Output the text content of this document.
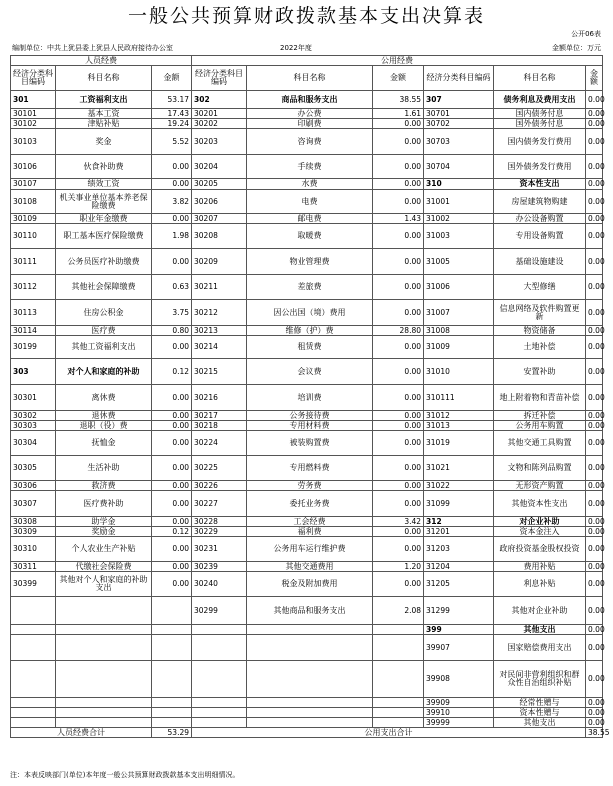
一般公共预算财政拨款基本支出决算表
公开06表
编制单位：中共上犹县委上犹县人民政府接待办公室	2022年度	金额单位：万元
人员经费			公用经费					
经济分类科目编码	科目名称	金额	经济分类科目编码	科目名称	金额	经济分类科目编码	科目名称	金额
301	工资福利支出	53.17	302	商品和服务支出	38.55	307	债务利息及费用支出	0.00
30101	基本工资	17.43	30201	办公费	1.61	30701	国内债务付息	0.00
30102	津贴补贴	19.24	30202	印刷费	0.00	30702	国外债务付息	0.00
30103	奖金	5.52	30203	咨询费	0.00	30703	国内债务发行费用	0.00
30106	伙食补助费	0.00	30204	手续费	0.00	30704	国外债务发行费用	0.00
30107	绩效工资	0.00	30205	水费	0.00	310	资本性支出	0.00
30108	机关事业单位基本养老保险缴费	3.82	30206	电费	0.00	31001	房屋建筑物购建	0.00
30109	职业年金缴费	0.00	30207	邮电费	1.43	31002	办公设备购置	0.00
30110	职工基本医疗保险缴费	1.98	30208	取暖费	0.00	31003	专用设备购置	0.00
30111	公务员医疗补助缴费	0.00	30209	物业管理费	0.00	31005	基础设施建设	0.00
30112	其他社会保障缴费	0.63	30211	差旅费	0.00	31006	大型修缮	0.00
30113	住房公积金	3.75	30212	因公出国（境）费用	0.00	31007	信息网络及软件购置更新	0.00
30114	医疗费	0.80	30213	维修（护）费	28.80	31008	物资储备	0.00
30199	其他工资福利支出	0.00	30214	租赁费	0.00	31009	土地补偿	0.00
303	对个人和家庭的补助	0.12	30215	会议费	0.00	31010	安置补助	0.00
30301	离休费	0.00	30216	培训费	0.00	310111	地上附着物和青苗补偿	0.00
30302	退休费	0.00	30217	公务接待费	0.00	31012	拆迁补偿	0.00
30303	退职（役）费	0.00	30218	专用材料费	0.00	31013	公务用车购置	0.00
30304	抚恤金	0.00	30224	被装购置费	0.00	31019	其他交通工具购置	0.00
30305	生活补助	0.00	30225	专用燃料费	0.00	31021	文物和陈列品购置	0.00
30306	救济费	0.00	30226	劳务费	0.00	31022	无形资产购置	0.00
30307	医疗费补助	0.00	30227	委托业务费	0.00	31099	其他资本性支出	0.00
30308	助学金	0.00	30228	工会经费	3.42	312	对企业补助	0.00
30309	奖励金	0.12	30229	福利费	0.00	31201	资本金注入	0.00
30310	个人农业生产补贴	0.00	30231	公务用车运行维护费	0.00	31203	政府投资基金股权投资	0.00
30311	代缴社会保险费	0.00	30239	其他交通费用	1.20	31204	费用补贴	0.00
30399	其他对个人和家庭的补助支出	0.00	30240	税金及附加费用	0.00	31205	利息补贴	0.00
			30299	其他商品和服务支出	2.08	31299	其他对企业补助	0.00
						399	其他支出	0.00
						39907	国家赔偿费用支出	0.00
						39908	对民间非营利组织和群众性自治组织补贴	0.00
						39909	经常性赠与	0.00
						39910	资本性赠与	0.00
						39999	其他支出	0.00
人员经费合计		53.29	公用支出合计					38.55
注：本表反映部门(单位)本年度一般公共预算财政拨款基本支出明细情况。
